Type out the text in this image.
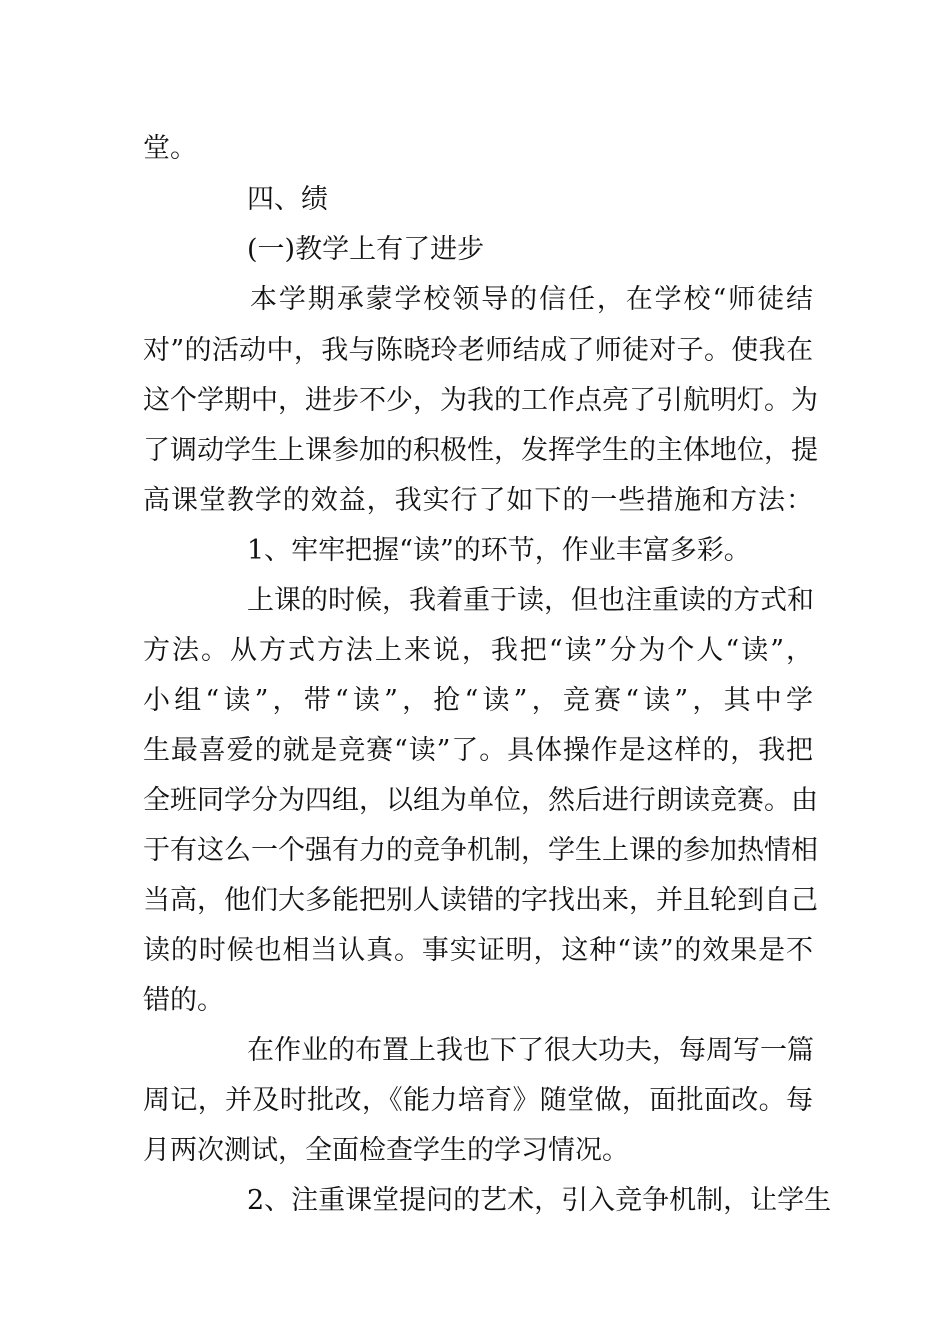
堂。
四、绩
(一)教学上有了进步
本学期承蒙学校领导的信任，在学校“师徒结
对”的活动中，我与陈晓玲老师结成了师徒对子。使我在
这个学期中，进步不少，为我的工作点亮了引航明灯。为
了调动学生上课参加的积极性，发挥学生的主体地位，提
高课堂教学的效益，我实行了如下的一些措施和方法：
1、牢牢把握“读”的环节，作业丰富多彩。
上课的时候，我着重于读，但也注重读的方式和
方法。从方式方法上来说，我把“读”分为个人“读”，
小组“读”，带“读”，抢“读”，竞赛“读”，其中学
生最喜爱的就是竞赛“读”了。具体操作是这样的，我把
全班同学分为四组，以组为单位，然后进行朗读竞赛。由
于有这么一个强有力的竞争机制，学生上课的参加热情相
当高，他们大多能把别人读错的字找出来，并且轮到自己
读的时候也相当认真。事实证明，这种“读”的效果是不
错的。
在作业的布置上我也下了很大功夫，每周写一篇
周记，并及时批改，《能力培育》随堂做，面批面改。每
月两次测试，全面检查学生的学习情况。
2、注重课堂提问的艺术，引入竞争机制，让学生
